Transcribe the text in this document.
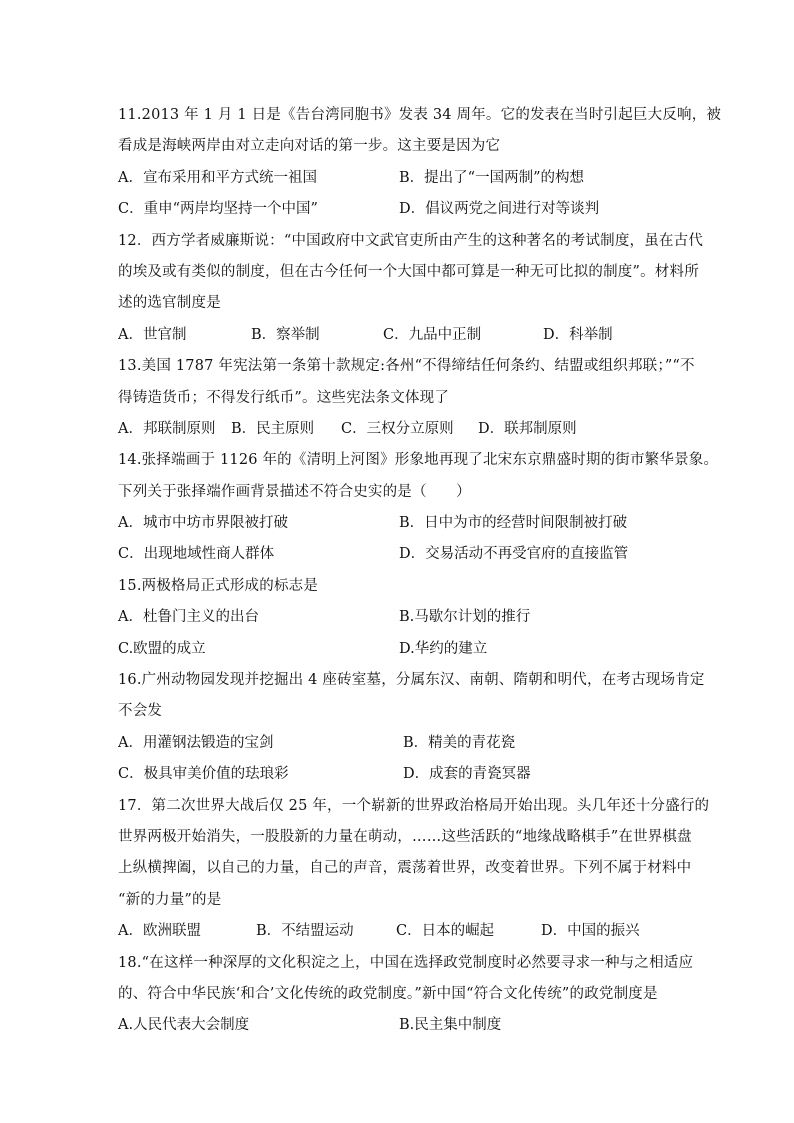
11.2013 年 1 月 1 日是《告台湾同胞书》发表 34 周年。它的发表在当时引起巨大反响，被
看成是海峡两岸由对立走向对话的第一步。这主要是因为它
A．宣布采用和平方式统一祖国	B．提出了“一国两制”的构想
C．重申“两岸均坚持一个中国”	D．倡议两党之间进行对等谈判
12．西方学者威廉斯说：“中国政府中文武官吏所由产生的这种著名的考试制度，虽在古代
的埃及或有类似的制度，但在古今任何一个大国中都可算是一种无可比拟的制度”。材料所
述的选官制度是
A．世官制	B．察举制	C．九品中正制	D．科举制
13.美国 1787 年宪法第一条第十款规定:各州“不得缔结任何条约、结盟或组织邦联；”“不
得铸造货币；不得发行纸币”。这些宪法条文体现了
A．邦联制原则	B．民主原则	C．三权分立原则	D．联邦制原则
14.张择端画于 1126 年的《清明上河图》形象地再现了北宋东京鼎盛时期的街市繁华景象。
下列关于张择端作画背景描述不符合史实的是（　　）
A．城市中坊市界限被打破	B．日中为市的经营时间限制被打破
C．出现地域性商人群体	D．交易活动不再受官府的直接监管
15.两极格局正式形成的标志是
A．杜鲁门主义的出台	B.马歇尔计划的推行
C.欧盟的成立	D.华约的建立
16.广州动物园发现并挖掘出 4 座砖室墓，分属东汉、南朝、隋朝和明代，在考古现场肯定
不会发
A．用灌钢法锻造的宝剑	B．精美的青花瓷
C．极具审美价值的珐琅彩	D．成套的青瓷冥器
17．第二次世界大战后仅 25 年，一个崭新的世界政治格局开始出现。头几年还十分盛行的
世界两极开始消失，一股股新的力量在萌动，……这些活跃的“地缘战略棋手”在世界棋盘
上纵横捭阖，以自己的力量，自己的声音，震荡着世界，改变着世界。下列不属于材料中
“新的力量”的是
A．欧洲联盟	B．不结盟运动	C．日本的崛起	D．中国的振兴
18.“在这样一种深厚的文化积淀之上，中国在选择政党制度时必然要寻求一种与之相适应
的、符合中华民族‘和合’文化传统的政党制度。”新中国“符合文化传统”的政党制度是
A.人民代表大会制度	B.民主集中制度
